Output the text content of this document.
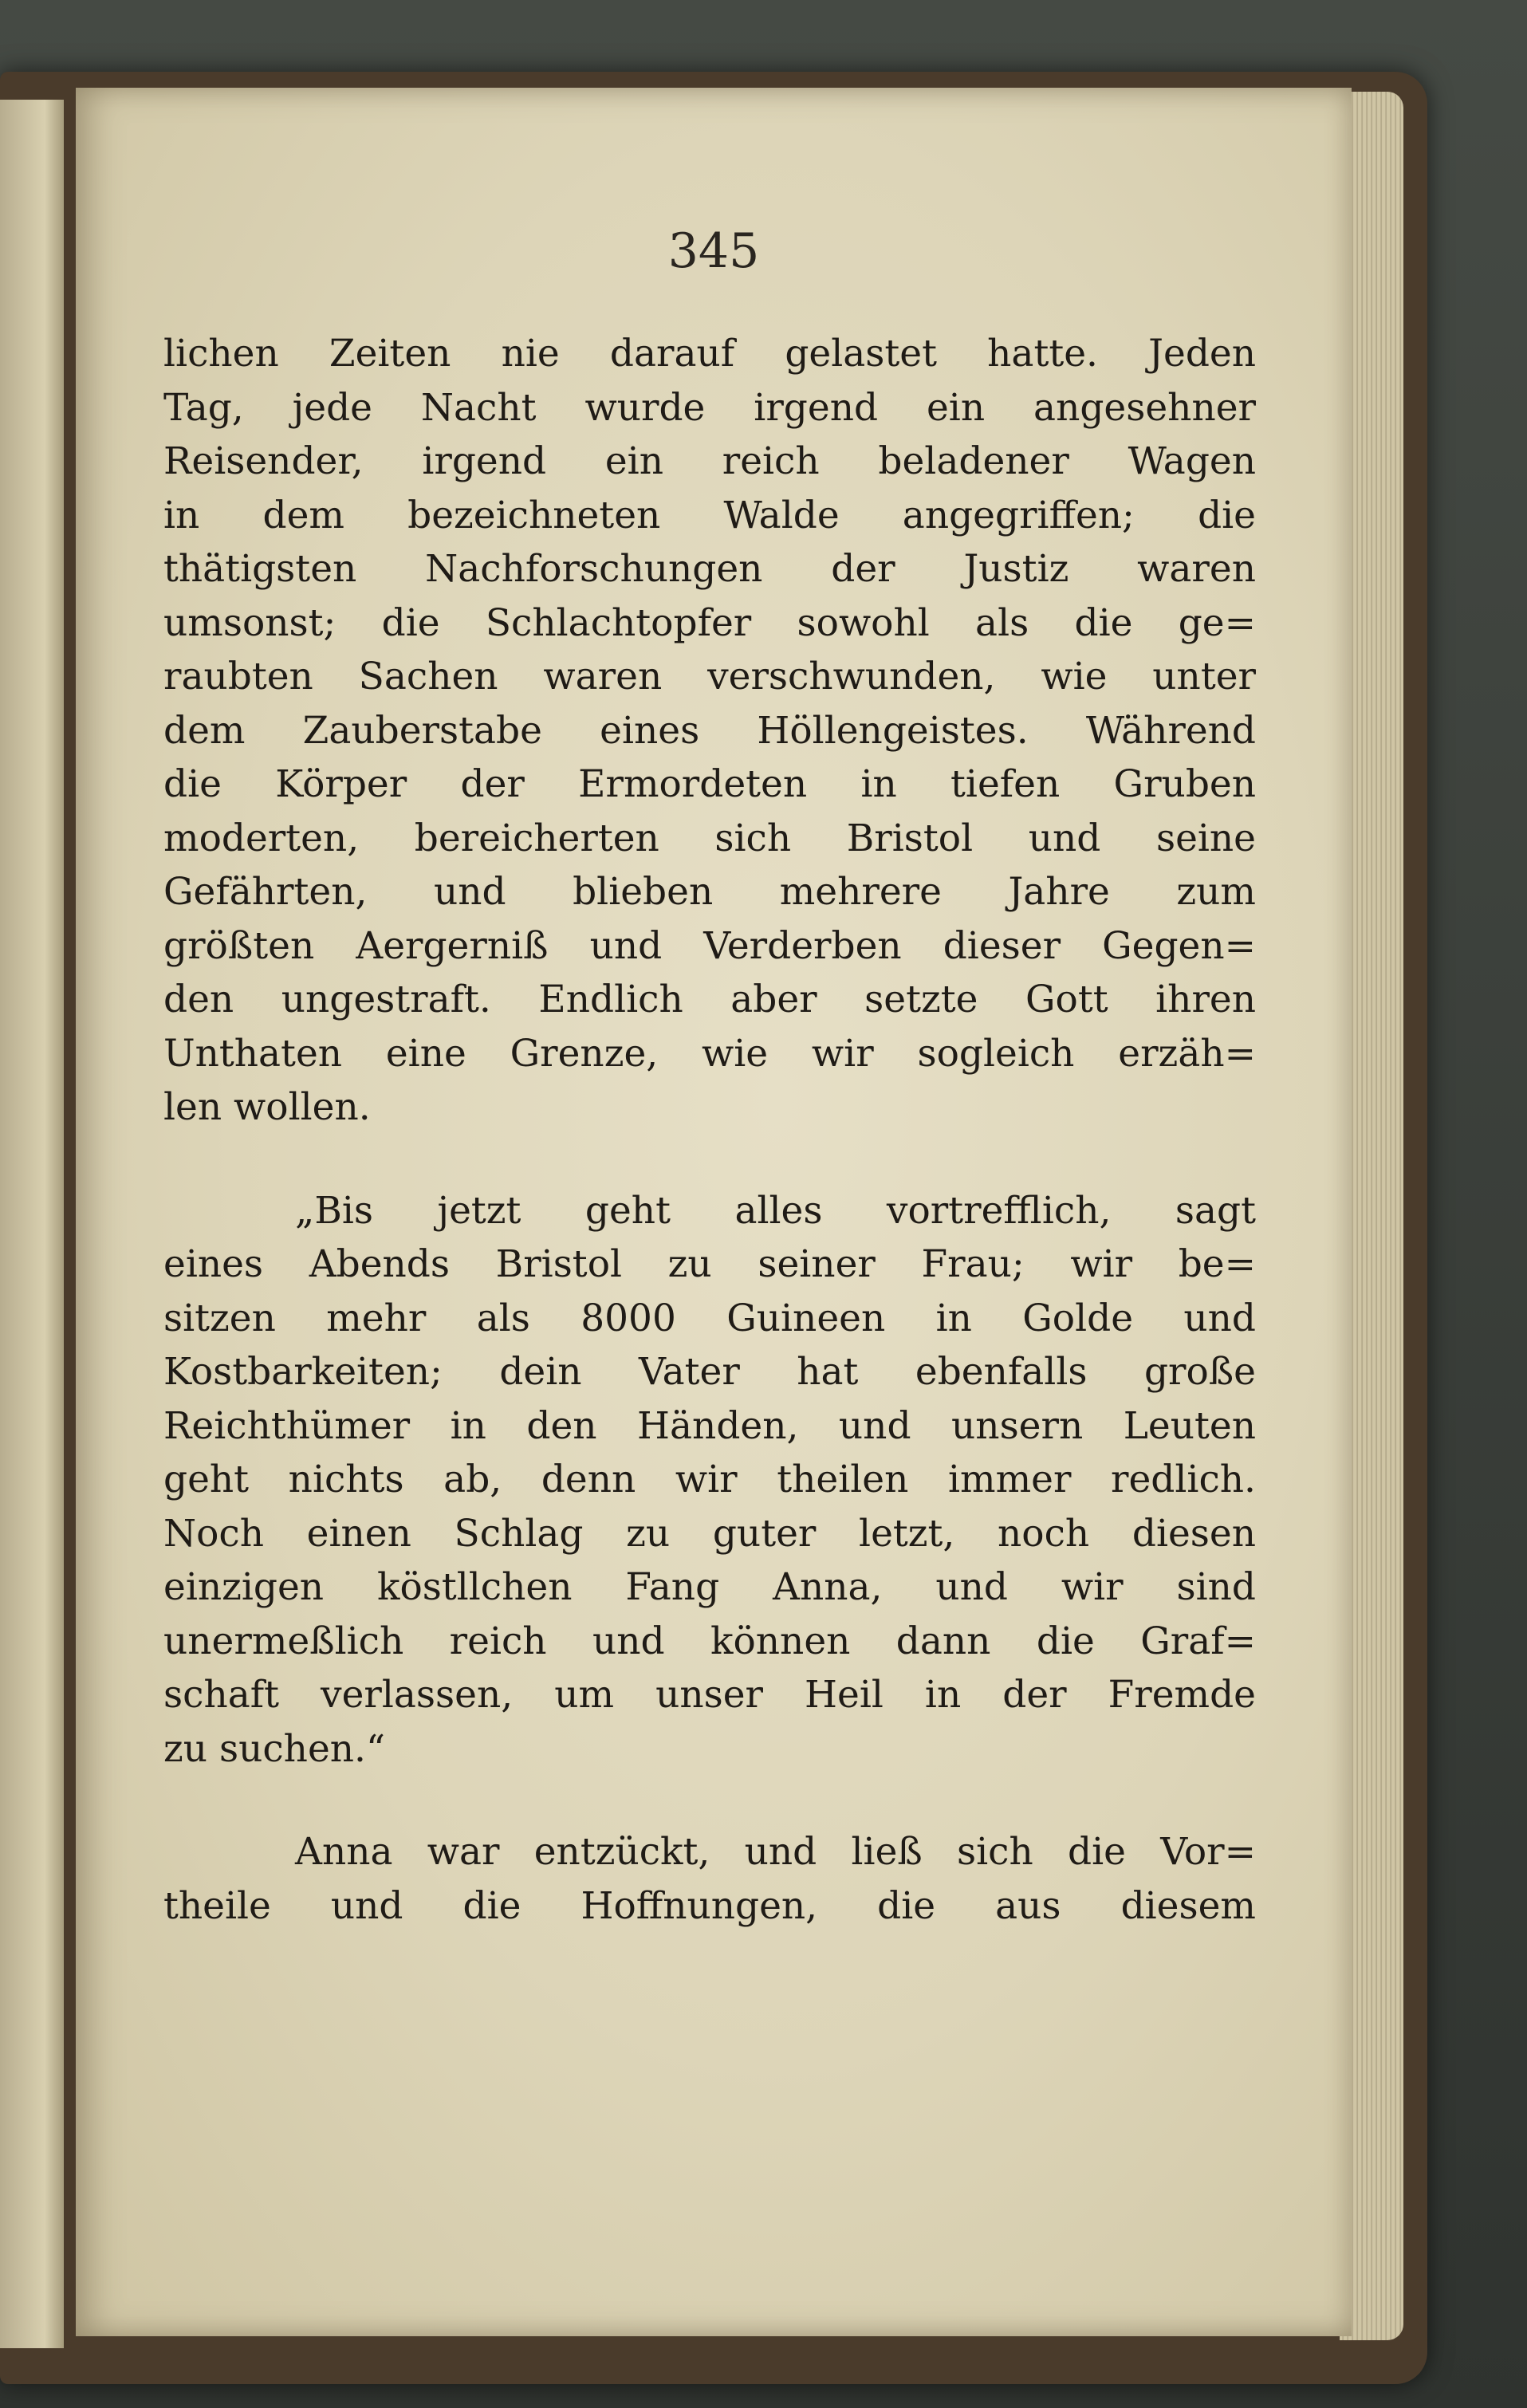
345
lichen Zeiten nie darauf gelastet hatte. Jeden
Tag, jede Nacht wurde irgend ein angesehner
Reisender, irgend ein reich beladener Wagen
in dem bezeichneten Walde angegriffen; die
thätigsten Nachforschungen der Justiz waren
umsonst; die Schlachtopfer sowohl als die ge=
raubten Sachen waren verschwunden, wie unter
dem Zauberstabe eines Höllengeistes. Während
die Körper der Ermordeten in tiefen Gruben
moderten, bereicherten sich Bristol und seine
Gefährten, und blieben mehrere Jahre zum
größten Aergerniß und Verderben dieser Gegen=
den ungestraft. Endlich aber setzte Gott ihren
Unthaten eine Grenze, wie wir sogleich erzäh=
len wollen.
„Bis jetzt geht alles vortrefflich, sagt
eines Abends Bristol zu seiner Frau; wir be=
sitzen mehr als 8000 Guineen in Golde und
Kostbarkeiten; dein Vater hat ebenfalls große
Reichthümer in den Händen, und unsern Leuten
geht nichts ab, denn wir theilen immer redlich.
Noch einen Schlag zu guter letzt, noch diesen
einzigen köstllchen Fang Anna, und wir sind
unermeßlich reich und können dann die Graf=
schaft verlassen, um unser Heil in der Fremde
zu suchen.“
Anna war entzückt, und ließ sich die Vor=
theile und die Hoffnungen, die aus diesem
